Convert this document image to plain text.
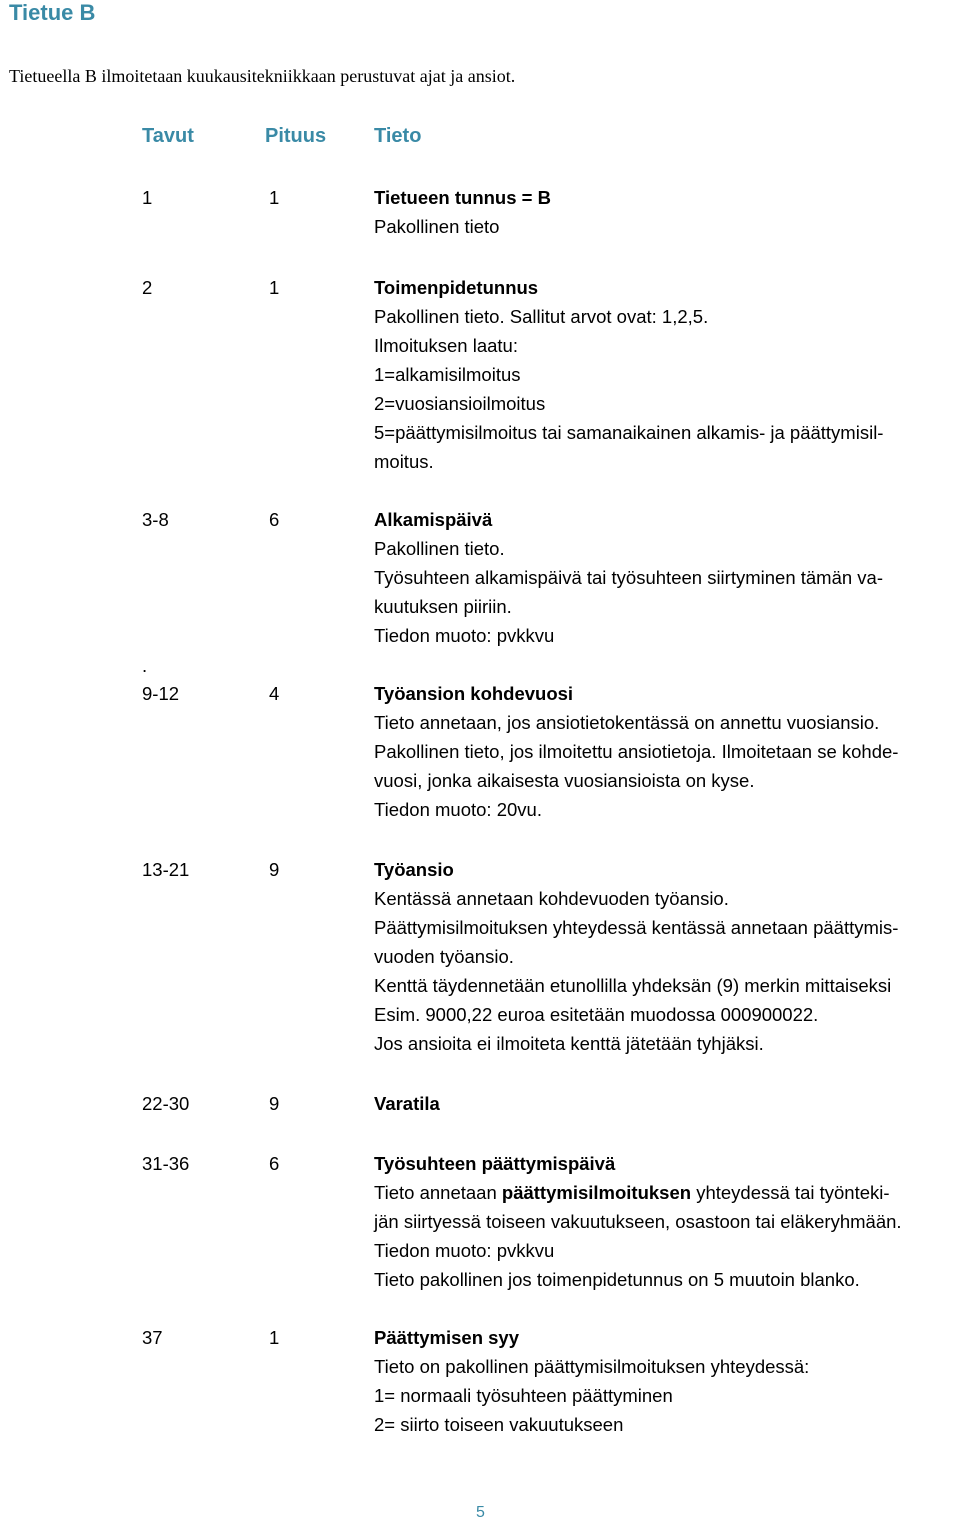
Tietue B
Tietueella B ilmoitetaan kuukausitekniikkaan perustuvat ajat ja ansiot.
Tavut	Pituus Tieto
1	1	Tietueen tunnus = B
Pakollinen tieto
2	1	Toimenpidetunnus
Pakollinen tieto. Sallitut arvot ovat: 1,2,5.
Ilmoituksen laatu:
1=alkamisilmoitus
2=vuosiansioilmoitus
5=päättymisilmoitus tai samanaikainen alkamis- ja päättymisil-
moitus.
3-8	6	Alkamispäivä
Pakollinen tieto.
Työsuhteen alkamispäivä tai työsuhteen siirtyminen tämän va-
kuutuksen piiriin.
Tiedon muoto: pvkkvu
.
9-12	4	Työansion kohdevuosi
Tieto annetaan, jos ansiotietokentässä on annettu vuosiansio.
Pakollinen tieto, jos ilmoitettu ansiotietoja. Ilmoitetaan se kohde-
vuosi, jonka aikaisesta vuosiansioista on kyse.
Tiedon muoto: 20vu.
13-21	9	Työansio
Kentässä annetaan kohdevuoden työansio.
Päättymisilmoituksen yhteydessä kentässä annetaan päättymis-
vuoden työansio.
Kenttä täydennetään etunollilla yhdeksän (9) merkin mittaiseksi
Esim. 9000,22 euroa esitetään muodossa 000900022.
Jos ansioita ei ilmoiteta kenttä jätetään tyhjäksi.
22-30	9	Varatila
31-36	6	Työsuhteen päättymispäivä
Tieto annetaan päättymisilmoituksen yhteydessä tai työnteki-
jän siirtyessä toiseen vakuutukseen, osastoon tai eläkeryhmään.
Tiedon muoto: pvkkvu
Tieto pakollinen jos toimenpidetunnus on 5 muutoin blanko.
37	1	Päättymisen syy
Tieto on pakollinen päättymisilmoituksen yhteydessä:
1= normaali työsuhteen päättyminen
2= siirto toiseen vakuutukseen
5
